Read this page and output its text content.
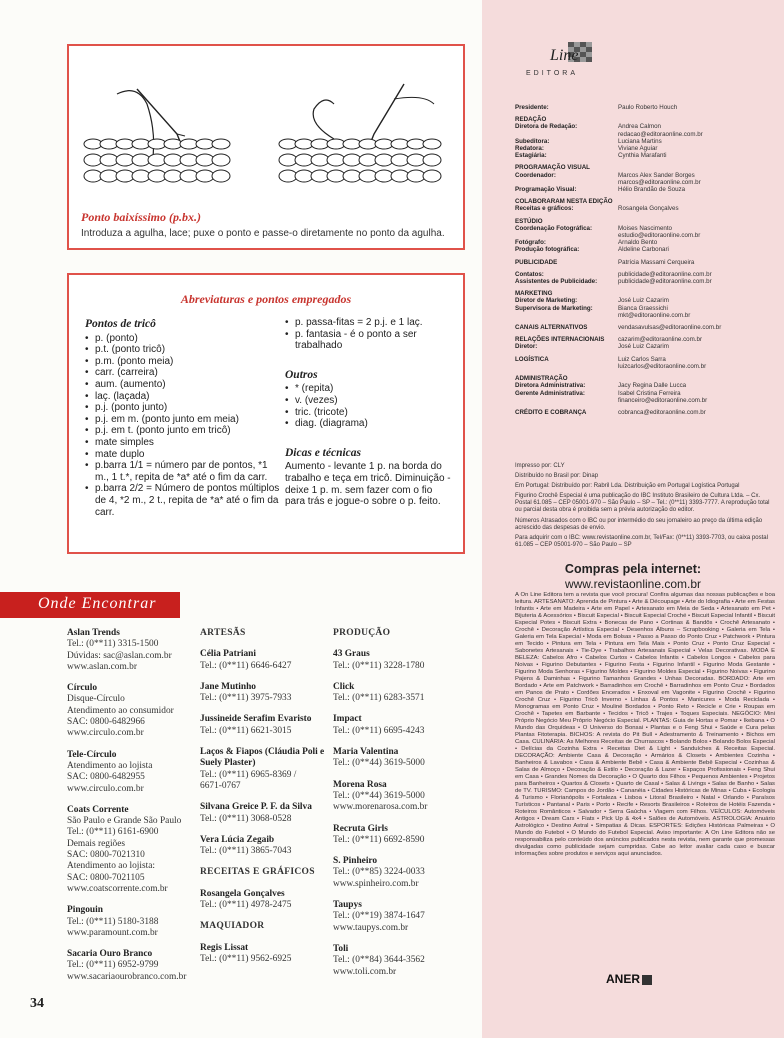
Ponto baixíssimo (p.bx.)
Introduza a agulha, lace; puxe o ponto e passe-o diretamente no ponto da agulha.
Abreviaturas e pontos empregados
Pontos de tricô
• p. (ponto)
• p.t. (ponto tricô)
• p.m. (ponto meia)
• carr. (carreira)
• aum. (aumento)
• laç. (laçada)
• p.j. (ponto junto)
• p.j. em m. (ponto junto em meia)
• p.j. em t. (ponto junto em tricô)
• mate simples
• mate duplo
• p.barra 1/1 = número par de pontos, *1 m., 1 t.*, repita de *a* até o fim da carr.
• p.barra 2/2 = Número de pontos múltiplos de 4, *2 m., 2 t., repita de *a* até o fim da carr.
• p. passa-fitas = 2 p.j. e 1 laç.
• p. fantasia - é o ponto a ser trabalhado
Outros
• * (repita)
• v. (vezes)
• tric. (tricote)
• diag. (diagrama)
Dicas e técnicas
Aumento - levante 1 p. na borda do trabalho e teça em tricô. Diminuição - deixe 1 p. m. sem fazer com o fio para trás e jogue-o sobre o p. feito.
Onde Encontrar
Aslan Trends
Tel.: (0**11) 3315-1500
Dúvidas: sac@aslan.com.br
www.aslan.com.br
Círculo
Disque-Círculo
Atendimento ao consumidor
SAC: 0800-6482966
www.circulo.com.br
Tele-Círculo
Atendimento ao lojista
SAC: 0800-6482955
www.circulo.com.br
Coats Corrente
São Paulo e Grande São Paulo
Tel.: (0**11) 6161-6900
Demais regiões
SAC: 0800-7021310
Atendimento ao lojista:
SAC: 0800-7021105
www.coatscorrente.com.br
Pingouin
Tel.: (0**11) 5180-3188
www.paramount.com.br
Sacaria Ouro Branco
Tel.: (0**11) 6952-9799
www.sacariaourobranco.com.br
ARTESÃS
Célia Patriani
Tel.: (0**11) 6646-6427
Jane Mutinho
Tel.: (0**11) 3975-7933
Jussineide Serafim Evaristo
Tel.: (0**11) 6621-3015
Laços & Fiapos (Cláudia Poli e Suely Plaster)
Tel.: (0**11) 6965-8369 /
6671-0767
Silvana Greice P. F. da Silva
Tel.: (0**11) 3068-0528
Vera Lúcia Zegaib
Tel.: (0**11) 3865-7043
RECEITAS E GRÁFICOS
Rosangela Gonçalves
Tel.: (0**11) 4978-2475
MAQUIADOR
Regis Lissat
Tel.: (0**11) 9562-6925
PRODUÇÃO
43 Graus
Tel.: (0**11) 3228-1780
Click
Tel.: (0**11) 6283-3571
Impact
Tel.: (0**11) 6695-4243
Maria Valentina
Tel.: (0**44) 3619-5000
Morena Rosa
Tel.: (0**44) 3619-5000
www.morenarosa.com.br
Recruta Girls
Tel.: (0**11) 6692-8590
S. Pinheiro
Tel.: (0**85) 3224-0033
www.spinheiro.com.br
Taupys
Tel.: (0**19) 3874-1647
www.taupys.com.br
Toli
Tel.: (0**84) 3644-3562
www.toli.com.br
34
Line
EDITORA
Presidente:	Paulo Roberto Houch
REDAÇÃO
Diretora de Redação:	Andrea Calmon
redacao@editoraonline.com.br
Subeditora:	Luciana Martins
Redatora:	Viviane Aguiar
Estagiária:	Cynthia Marafanti
PROGRAMAÇÃO VISUAL
Coordenador:	Marcos Alex Sander Borges
marcos@editoraonline.com.br
Programação Visual:	Hélio Brandão de Souza
COLABORARAM NESTA EDIÇÃO
Receitas e gráficos:	Rosangela Gonçalves
ESTÚDIO
Coordenação Fotográfica:	Moises Nascimento
estudio@editoraonline.com.br
Fotógrafo:	Arnaldo Bento
Produção fotográfica:	Aldeline Carbonari
PUBLICIDADE	Patrícia Massami Cerqueira
Contatos:	publicidade@editoraonline.com.br
Assistentes de Publicidade:	publicidade@editoraonline.com.br
MARKETING
Diretor de Marketing:	José Luiz Cazarim
Supervisora de Marketing:	Bianca Graessichi
mkt@editoraonline.com.br
CANAIS ALTERNATIVOS	vendasavulsas@editoraonline.com.br
RELAÇÕES INTERNACIONAIS	cazarim@editoraonline.com.br
Diretor:	José Luiz Cazarim
LOGÍSTICA	Luiz Carlos Sarra
luizcarlos@editoraonline.com.br
ADMINISTRAÇÃO
Diretora Administrativa:	Jacy Regina Dalle Lucca
Gerente Administrativa:	Isabel Cristina Ferreira
financeiro@editoraonline.com.br
CRÉDITO E COBRANÇA	cobranca@editoraonline.com.br

Impresso por: CLY

Distribuído no Brasil por: Dinap

Em Portugal: Distribuído por: Rabril Lda. Distribuição em Portugal Logística Portugal

Figurino Crochê Especial é uma publicação do IBC Instituto Brasileiro de Cultura Ltda. – Cx. Postal 61.085 – CEP 05001-970 – São Paulo – SP – Tel.: (0**11) 3393-7777. A reprodução total ou parcial desta obra é proibida sem a prévia autorização do editor.

Números Atrasados com o IBC ou por intermédio do seu jornaleiro ao preço da última edição acrescido das despesas de envio.

Para adquirir com o IBC: www.revistaonline.com.br, Tel/Fax: (0**11) 3393-7703, ou caixa postal 61.085 – CEP 05001-970 – São Paulo – SP

Compras pela internet:
www.revistaonline.com.br
A On Line Editora tem a revista que você procura! Confira algumas das nossas publicações e boa leitura. ARTESANATO: Aprenda de Pintura • Arte & Découpage • Arte do Idiografia • Arte em Festas Infantis • Arte em Madeira • Arte em Papel • Artesanato em Meia de Seda • Artesanato em Pet • Bijuteria & Acessórios • Biscuit Especial • Biscuit Especial Croché • Biscuit Especial Infantil • Biscuit Especial Potes • Biscuit Extra • Bonecas de Pano • Cortinas & Bandôs • Crochê Artesanato • Crochê • Decoração Artística Especial • Desenhos Álbuns – Scrapbooking • Galeria em Tela • Galeria em Tela Especial • Moda em Bolsas • Passo a Passo do Ponto Cruz • Patchwork • Pintura em Tecido • Pintura em Tela • Pintura em Tela Mais • Ponto Cruz • Ponto Cruz Especial • Sabonetes Artesanais • Tie-Dye • Trabalhos Artesanais Especial • Velas Decorativas. MODA E BELEZA: Cabelos Afro • Cabelos Curtos • Cabelos Infantis • Cabelos Longos • Cabelos para Noivas • Figurino Debutantes • Figurino Festa • Figurino Infantil • Figurino Moda Gestante • Figurino Moda Senhoras • Figurino Moldes • Figurino Moldes Especial • Figurino Noivas • Figurino Pajens & Daminhas • Figurino Tamanhos Grandes • Unhas Decoradas. BORDADO: Arte em Bordado • Arte em Patchwork • Barradinhos em Crochê • Barradinhos em Ponto Cruz • Bordados em Panos de Prato • Cordões Encerados • Enxoval em Vagonite • Figurino Crochê • Figurino Crochê Cruz • Figurino Tricô Inverno • Linhas & Pontos • Manicures • Moda Reciclada • Monogramas em Ponto Cruz • Mouliné Bordados • Ponto Reto • Recicle e Crie • Roupas em Crochê • Tapetes em Barbante • Tecidos • Tricô • Trajes • Toques Especiais. NEGÓCIO: Mini Próprio Negócio Meu Próprio Negócio Especial. PLANTAS: Guia de Hortas e Pomar • Ikebana • O Mundo das Orquídeas • O Universo do Bonsai • Plantas e o Feng Shui • Saúde e Cura pelas Plantas Fitoterapia. BICHOS: A revista do Pit Bull • Adestramento & Treinamento • Bichos em Casa. CULINÁRIA: As Melhores Receitas de Churrascos • Bolando Bolos • Bolando Bolos Especial • Delícias da Cozinha Extra • Receitas Diet & Light • Sanduíches & Receitas Especial. DECORAÇÃO: Ambiente Casa & Decoração • Armários & Closets • Ambientes Cozinha • Banheiros & Lavabos • Casa & Ambiente Bebê • Casa & Ambiente Bebê Especial • Cozinhas & Salas de Almoço • Decoração & Estilo • Decoração & Lazer • Espaços Profissionais • Feng Shui em Casa • Grandes Nomes da Decoração • O Quarto dos Filhos • Pequenos Ambientes • Projetos para Banheiros • Quartos & Closets • Quarto de Casal • Salas & Livings • Salas de Banho • Salas de TV. TURISMO: Campos do Jordão • Cananéia • Cidades Históricas de Minas • Cuba • Ecologia & Turismo • Florianópolis • Fortaleza • Lisboa • Litoral Brasileiro • Natal • Orlando • Paraísos Turísticos • Pantanal • Paris • Porto • Recife • Resorts Brasileiros • Roteiros de Hotéis Fazenda • Roteiros Românticos • Salvador • Serra Gaúcha • Viagem com Filhos. VEÍCULOS: Automóveis Antigos • Dream Cars • Fiats • Pick Up & 4x4 • Salões de Automóveis. ASTROLOGIA: Anuário Astrológico • Destino Astral • Simpatias & Dicas. ESPORTES: Edições Históricas Palmeiras • O Mundo do Futebol • O Mundo do Futebol Especial. Aviso importante: A On Line Editora não se responsabiliza pelo conteúdo dos anúncios publicados nesta revista, nem garante que promessas divulgadas como publicidade sejam cumpridas. Cabe ao leitor avaliar cada caso e buscar informações sobre produtos e serviços aqui anunciados.
ANER
